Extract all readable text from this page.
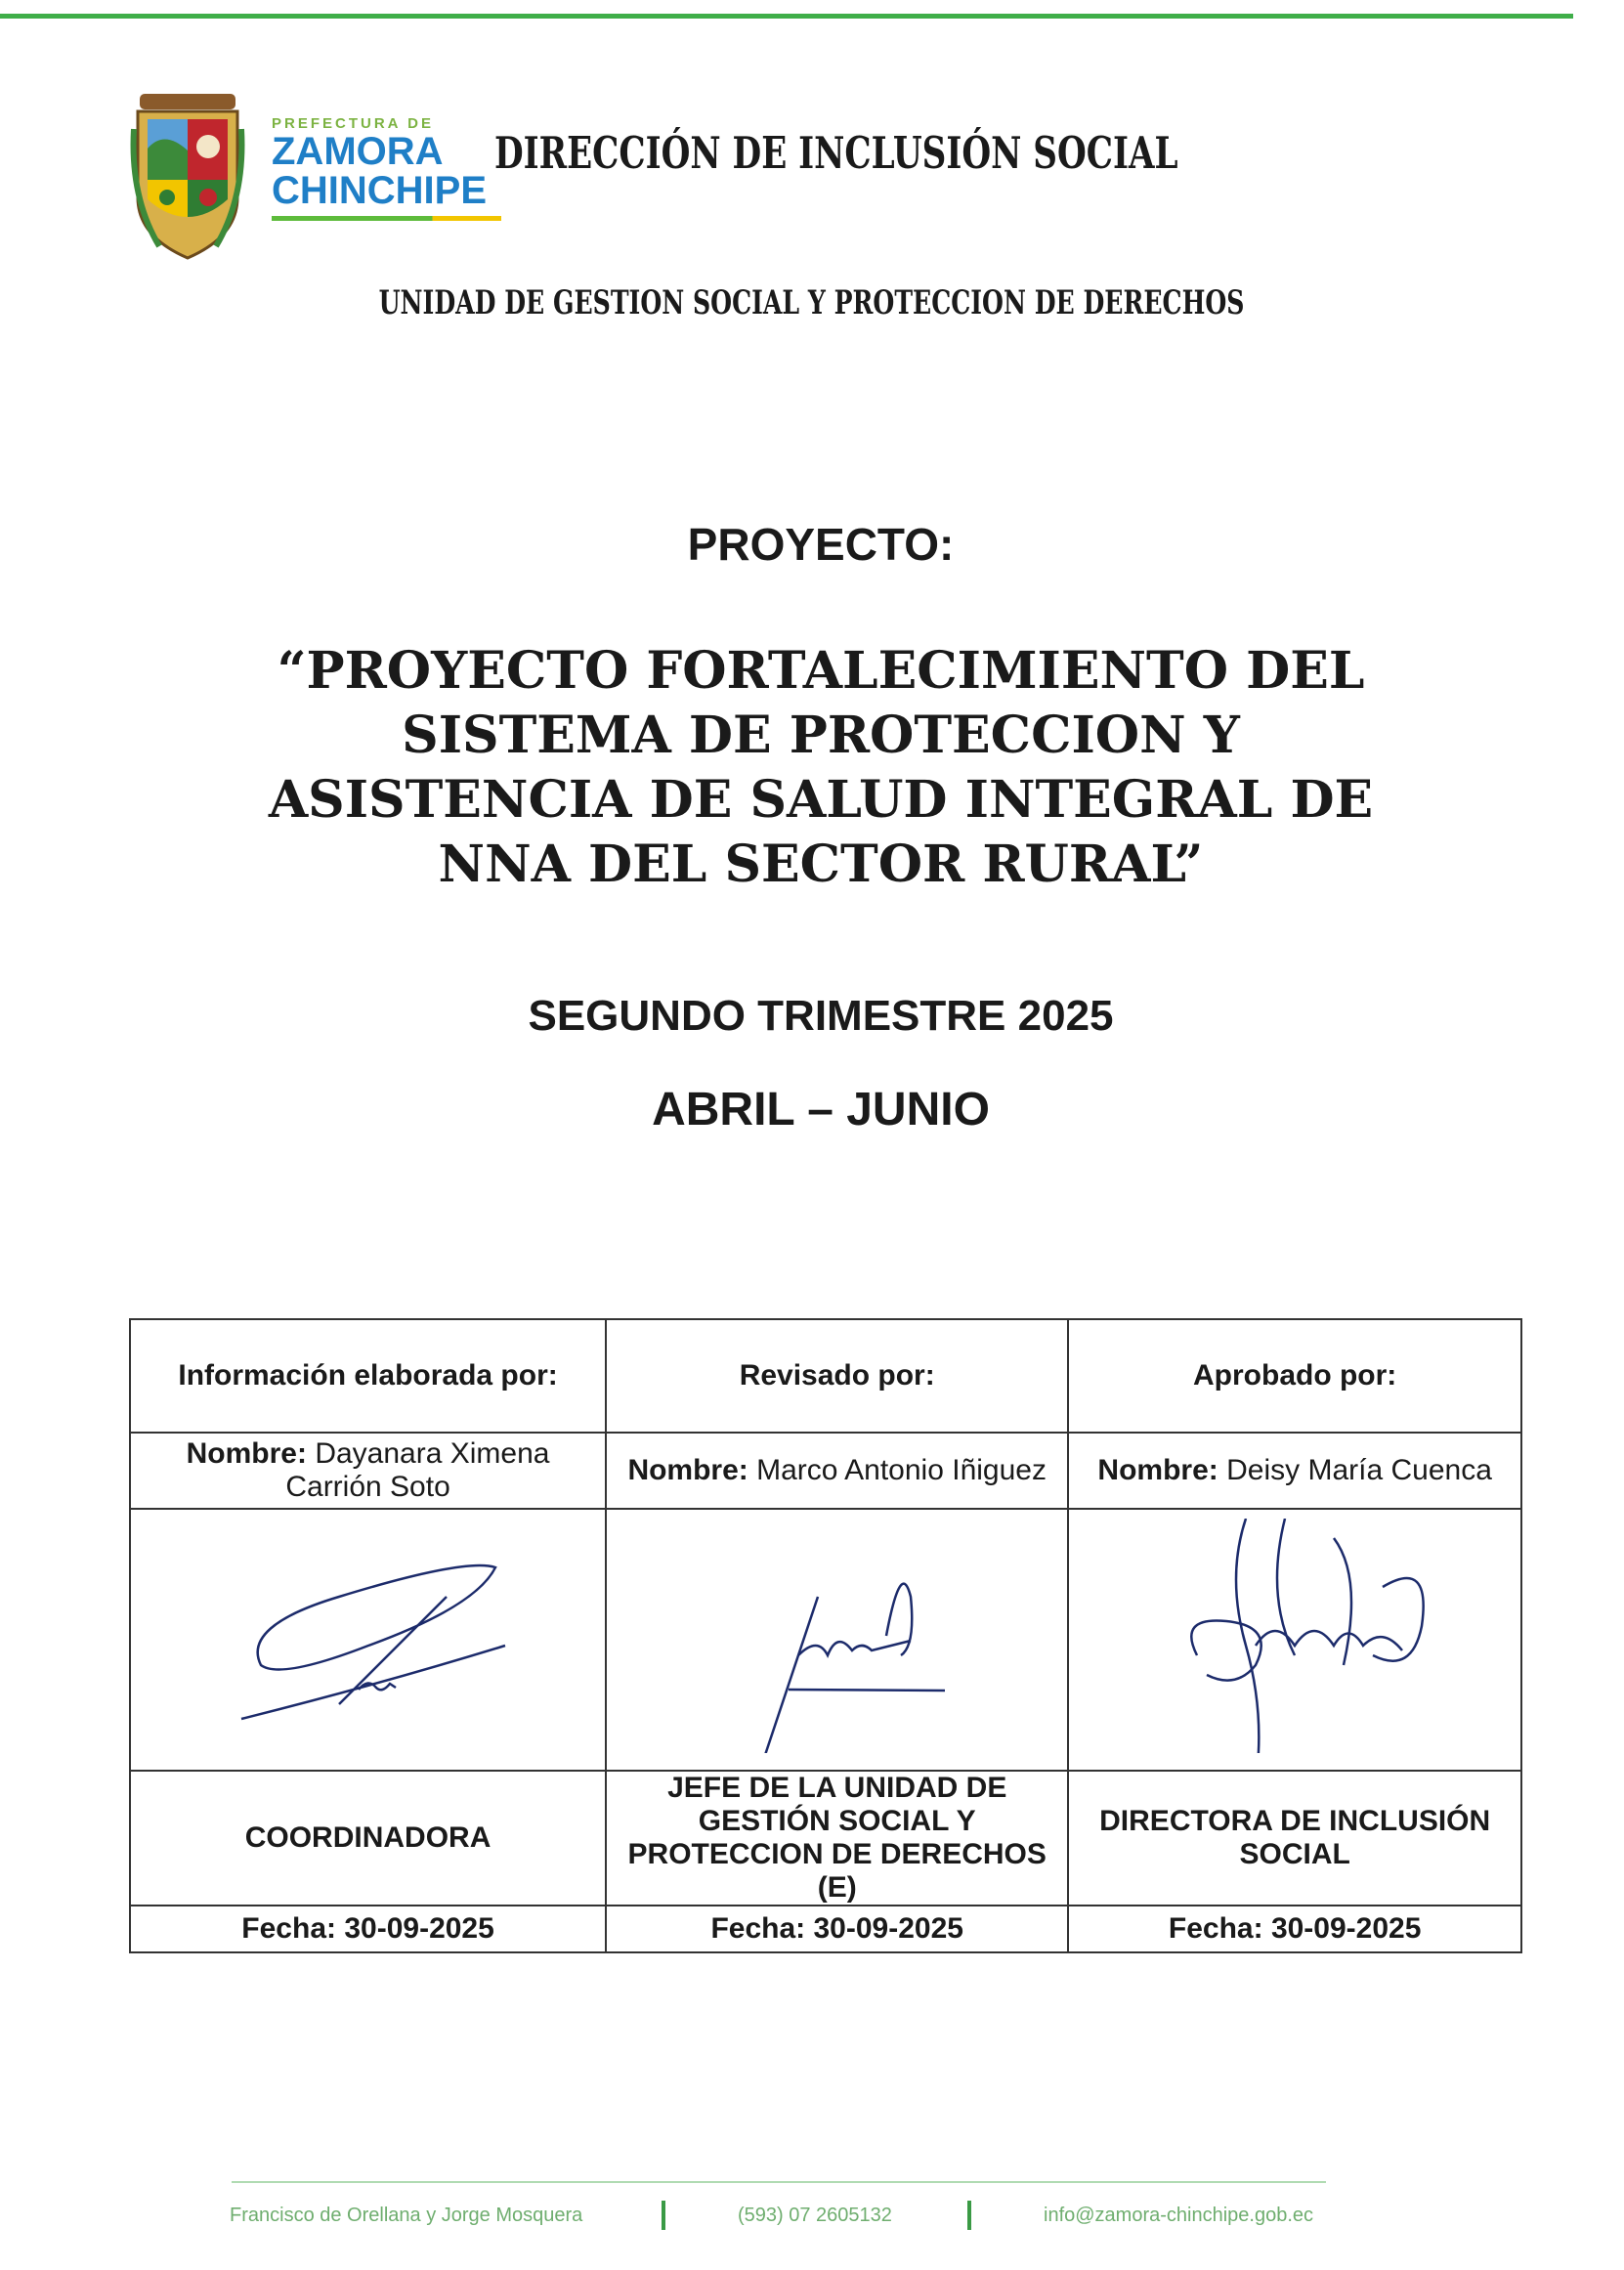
PREFECTURA DE
ZAMORA
CHINCHIPE
DIRECCIÓN DE INCLUSIÓN SOCIAL
UNIDAD DE GESTION SOCIAL Y PROTECCION DE DERECHOS
PROYECTO:
“PROYECTO FORTALECIMIENTO DEL SISTEMA DE PROTECCION Y ASISTENCIA DE SALUD INTEGRAL DE NNA DEL SECTOR RURAL”
SEGUNDO TRIMESTRE 2025
ABRIL – JUNIO
Información elaborada por:	Revisado por:	Aprobado por:
Nombre: Dayanara Ximena Carrión Soto	Nombre: Marco Antonio Iñiguez	Nombre: Deisy María Cuenca

COORDINADORA	JEFE DE LA UNIDAD DE GESTIÓN SOCIAL Y PROTECCION DE DERECHOS (E)	DIRECTORA DE INCLUSIÓN SOCIAL
Fecha: 30-09-2025	Fecha: 30-09-2025	Fecha: 30-09-2025
Francisco de Orellana y Jorge Mosquera	(593) 07 2605132	info@zamora-chinchipe.gob.ec
